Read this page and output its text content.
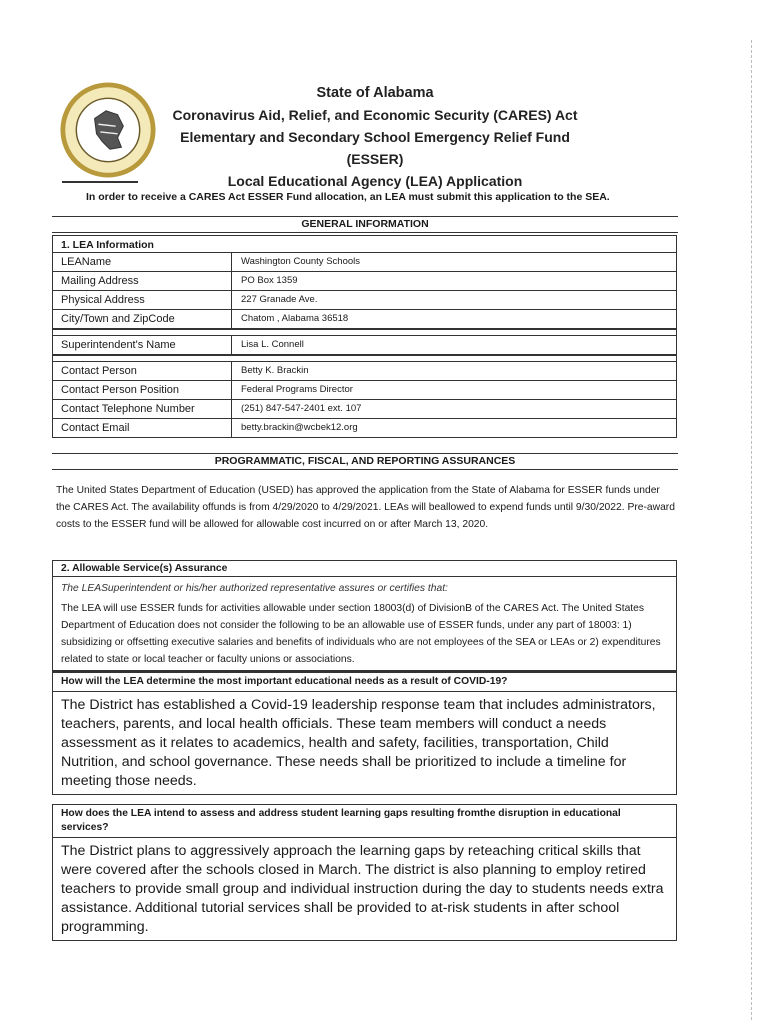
State of Alabama
Coronavirus Aid, Relief, and Economic Security (CARES) Act
Elementary and Secondary School Emergency Relief Fund (ESSER)
Local Educational Agency (LEA) Application
In order to receive a CARES Act ESSER Fund allocation, an LEA must submit this application to the SEA.
GENERAL INFORMATION
1. LEA Information
LEAName	Washington County Schools
Mailing Address	PO Box 1359
Physical Address	227 Granade Ave.
City/Town and ZipCode	Chatom , Alabama 36518
Superintendent's Name	Lisa L. Connell
Contact Person	Betty K. Brackin
Contact Person Position	Federal Programs Director
Contact Telephone Number	(251) 847-547-2401 ext. 107
Contact Email	betty.brackin@wcbek12.org
PROGRAMMATIC, FISCAL, AND REPORTING ASSURANCES
The United States Department of Education (USED) has approved the application from the State of Alabama for ESSER funds under the CARES Act. The availability offunds is from 4/29/2020 to 4/29/2021. LEAs will beallowed to expend funds until 9/30/2022. Pre-award costs to the ESSER fund will be allowed for allowable cost incurred on or after March 13, 2020.
2. Allowable Service(s) Assurance
The LEASuperintendent or his/her authorized representative assures or certifies that:
The LEA will use ESSER funds for activities allowable under section 18003(d) of DivisionB of the CARES Act. The United States Department of Education does not consider the following to be an allowable use of ESSER funds, under any part of 18003: 1) subsidizing or offsetting executive salaries and benefits of individuals who are not employees of the SEA or LEAs or 2) expenditures related to state or local teacher or faculty unions or associations.
How will the LEA determine the most important educational needs as a result of COVID-19?
The District has established a Covid-19 leadership response team that includes administrators, teachers, parents, and local health officials. These team members will conduct a needs assessment as it relates to academics, health and safety, facilities, transportation, Child Nutrition, and school governance. These needs shall be prioritized to include a timeline for meeting those needs.
How does the LEA intend to assess and address student learning gaps resulting fromthe disruption in educational services?
The District plans to aggressively approach the learning gaps by reteaching critical skills that were covered after the schools closed in March. The district is also planning to employ retired teachers to provide small group and individual instruction during the day to students needs extra assistance. Additional tutorial services shall be provided to at-risk students in after school programming.
